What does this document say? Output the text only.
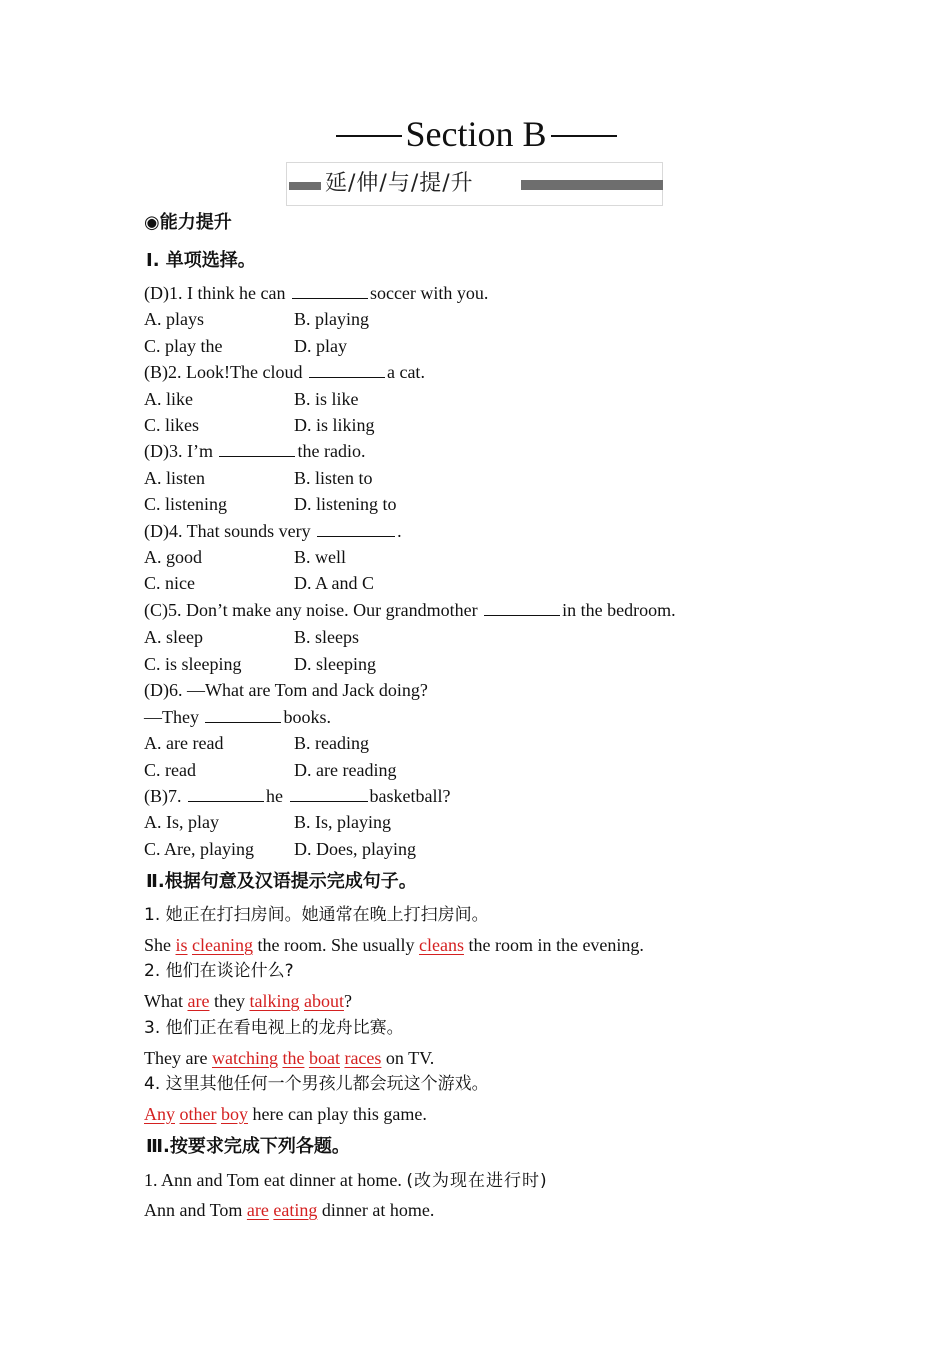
Section B
延/伸/与/提/升
◉能力提升
Ⅰ. 单项选择。
(D)1. I think he can	soccer with you.
A. plays	B. playing
C. play the	D. play
(B)2. Look!The cloud	a cat.
A. like	B. is like
C. likes	D. is liking
(D)3. I’m	the radio.
A. listen	B. listen to
C. listening	D. listening to
(D)4. That sounds very	.
A. good	B. well
C. nice	D. A and C
(C)5. Don’t make any noise. Our grandmother	in the bedroom.
A. sleep	B. sleeps
C. is sleeping	D. sleeping
(D)6. —What are Tom and Jack doing?
—They	books.
A. are read	B. reading
C. read	D. are reading
(B)7.	he	basketball?
A. Is, play	B. Is, playing
C. Are, playing D. Does, playing
Ⅱ.根据句意及汉语提示完成句子。
1. 她正在打扫房间。她通常在晚上打扫房间。
She is cleaning the room. She usually cleans the room in the evening.
2. 他们在谈论什么?
What are they talking about?
3. 他们正在看电视上的龙舟比赛。
They are watching the boat races on TV.
4. 这里其他任何一个男孩儿都会玩这个游戏。
Any other boy here can play this game.
Ⅲ.按要求完成下列各题。
1. Ann and Tom eat dinner at home. (改为现在进行时)
Ann and Tom are eating dinner at home.
